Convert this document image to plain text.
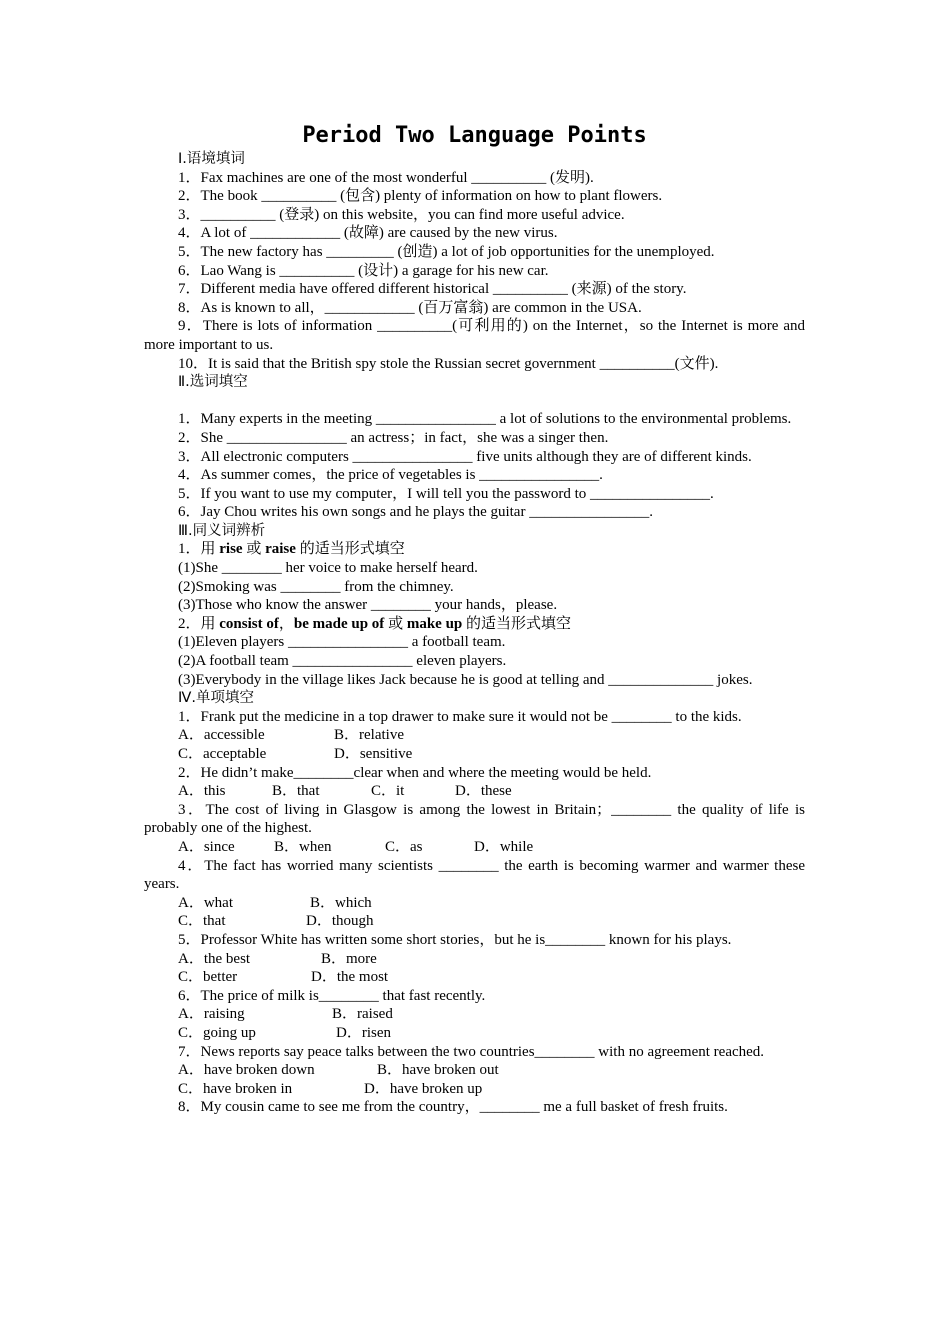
Period Two Language Points
Ⅰ.语境填词
1．Fax machines are one of the most wonderful __________ (发明).
2．The book __________ (包含) plenty of information on how to plant flowers.
3．__________ (登录) on this website，you can find more useful advice.
4．A lot of ____________ (故障) are caused by the new virus.
5．The new factory has _________ (创造) a lot of job opportunities for the unemployed.
6．Lao Wang is __________ (设计) a garage for his new car.
7．Different media have offered different historical __________ (来源) of the story.
8．As is known to all，____________ (百万富翁) are common in the USA.
9．There is lots of information __________(可利用的) on the Internet，so the Internet is more and more important to us.
10．It is said that the British spy stole the Russian secret government __________(文件).
Ⅱ.选词填空
1．Many experts in the meeting ________________ a lot of solutions to the environmental problems.
2．She ________________ an actress；in fact，she was a singer then.
3．All electronic computers ________________ five units although they are of different kinds.
4．As summer comes，the price of vegetables is ________________.
5．If you want to use my computer，I will tell you the password to ________________.
6．Jay Chou writes his own songs and he plays the guitar ________________.
Ⅲ.同义词辨析
1．用 rise 或 raise 的适当形式填空
(1)She ________ her voice to make herself heard.
(2)Smoking was ________ from the chimney.
(3)Those who know the answer ________ your hands，please.
2．用 consist of，be made up of 或 make up 的适当形式填空
(1)Eleven players ________________ a football team.
(2)A football team ________________ eleven players.
(3)Everybody in the village likes Jack because he is good at telling and ______________ jokes.
Ⅳ.单项填空
1．Frank put the medicine in a top drawer to make sure it would not be ________ to the kids.
A．accessible	B．relative
C．acceptable	D．sensitive
2．He didn’t make________clear when and where the meeting would be held.
A．this	B．that	C．it	D．these
3．The cost of living in Glasgow is among the lowest in Britain；________ the quality of life is probably one of the highest.
A．since	B．when	C．as	D．while
4．The fact has worried many scientists ________ the earth is becoming warmer and warmer these years.
A．what	B．which
C．that	D．though
5．Professor White has written some short stories，but he is________ known for his plays.
A．the best	B．more
C．better	D．the most
6．The price of milk is________ that fast recently.
A．raising	B．raised
C．going up	D．risen
7．News reports say peace talks between the two countries________ with no agreement reached.
A．have broken down	B．have broken out
C．have broken in	D．have broken up
8．My cousin came to see me from the country，________ me a full basket of fresh fruits.
